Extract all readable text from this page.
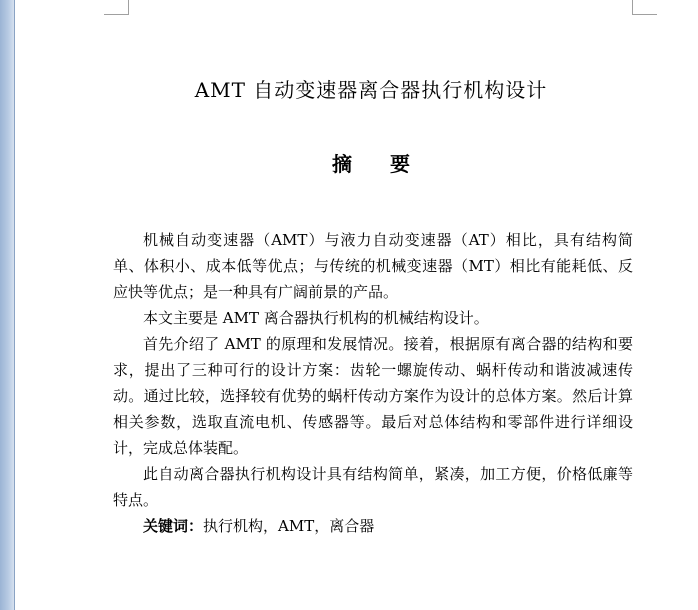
AMT 自动变速器离合器执行机构设计
摘 要

机械自动变速器（AMT）与液力自动变速器（AT）相比，具有结构简单、体积小、成本低等优点；与传统的机械变速器（MT）相比有能耗低、反应快等优点；是一种具有广阔前景的产品。

本文主要是 AMT 离合器执行机构的机械结构设计。

首先介绍了 AMT 的原理和发展情况。接着，根据原有离合器的结构和要求，提出了三种可行的设计方案：齿轮一螺旋传动、蜗杆传动和谐波减速传动。通过比较，选择较有优势的蜗杆传动方案作为设计的总体方案。然后计算相关参数，选取直流电机、传感器等。最后对总体结构和零部件进行详细设计，完成总体装配。

此自动离合器执行机构设计具有结构简单，紧凑，加工方便，价格低廉等特点。

关键词：执行机构，AMT，离合器
